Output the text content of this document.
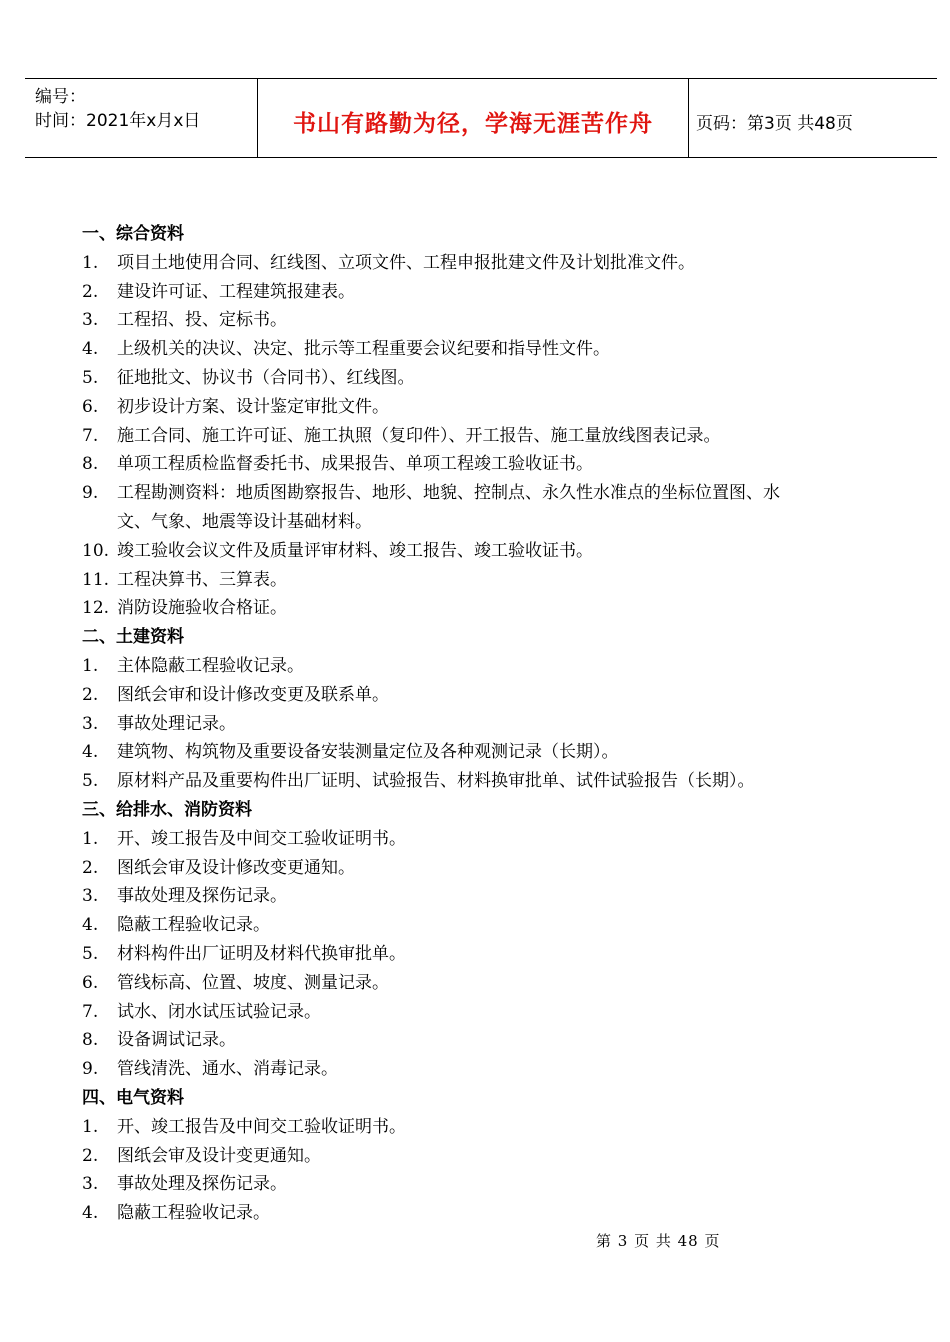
编号：
时间：2021年x月x日	书山有路勤为径，学海无涯苦作舟	页码：第3页 共48页
一、综合资料
1. 项目土地使用合同、红线图、立项文件、工程申报批建文件及计划批准文件。
2. 建设许可证、工程建筑报建表。
3. 工程招、投、定标书。
4. 上级机关的决议、决定、批示等工程重要会议纪要和指导性文件。
5. 征地批文、协议书（合同书）、红线图。
6. 初步设计方案、设计鉴定审批文件。
7. 施工合同、施工许可证、施工执照（复印件）、开工报告、施工量放线图表记录。
8. 单项工程质检监督委托书、成果报告、单项工程竣工验收证书。
9. 工程勘测资料：地质图勘察报告、地形、地貌、控制点、永久性水准点的坐标位置图、水
文、气象、地震等设计基础材料。
10. 竣工验收会议文件及质量评审材料、竣工报告、竣工验收证书。
11. 工程决算书、三算表。
12. 消防设施验收合格证。
二、土建资料
1. 主体隐蔽工程验收记录。
2. 图纸会审和设计修改变更及联系单。
3. 事故处理记录。
4. 建筑物、构筑物及重要设备安装测量定位及各种观测记录（长期）。
5. 原材料产品及重要构件出厂证明、试验报告、材料换审批单、试件试验报告（长期）。
三、给排水、消防资料
1. 开、竣工报告及中间交工验收证明书。
2. 图纸会审及设计修改变更通知。
3. 事故处理及探伤记录。
4. 隐蔽工程验收记录。
5. 材料构件出厂证明及材料代换审批单。
6. 管线标高、位置、坡度、测量记录。
7. 试水、闭水试压试验记录。
8. 设备调试记录。
9. 管线清洗、通水、消毒记录。
四、电气资料
1. 开、竣工报告及中间交工验收证明书。
2. 图纸会审及设计变更通知。
3. 事故处理及探伤记录。
4. 隐蔽工程验收记录。
第 3 页 共 48 页
